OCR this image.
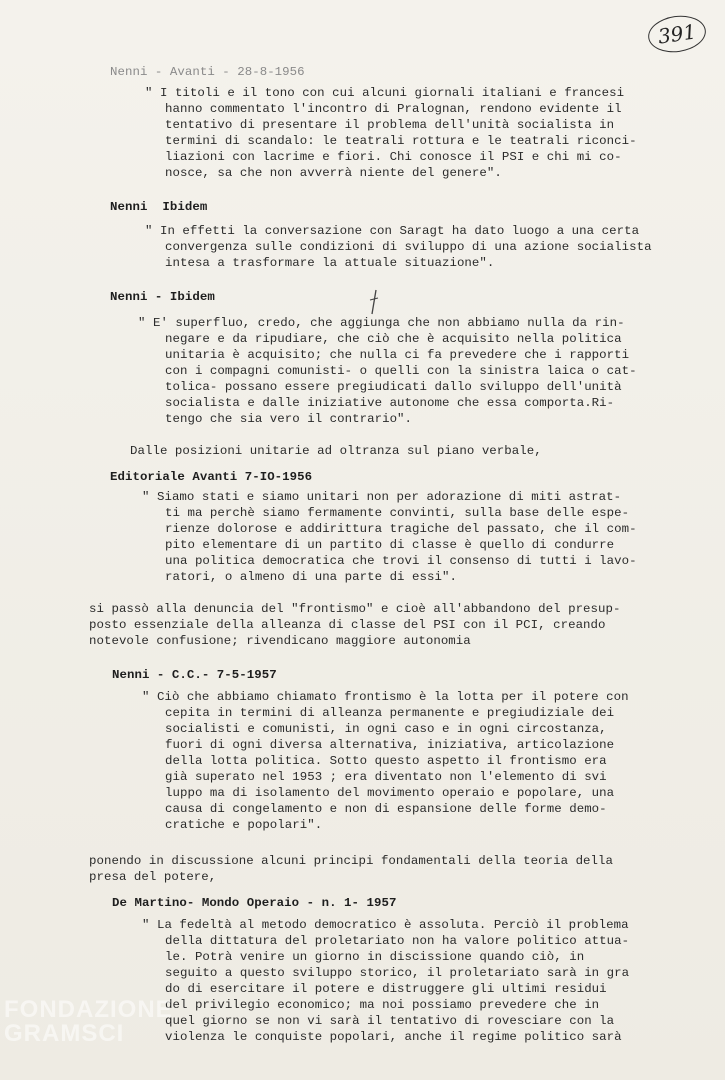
391

Nenni - Avanti - 28-8-1956

" I titoli e il tono con cui alcuni giornali italiani e francesi

hanno commentato l'incontro di Pralognan, rendono evidente il

tentativo di presentare il problema dell'unità socialista in

termini di scandalo: le teatrali rottura e le teatrali riconci-

liazioni con lacrime e fiori. Chi conosce il PSI e chi mi co-

nosce, sa che non avverrà niente del genere".

Nenni  Ibidem

" In effetti la conversazione con Saragt ha dato luogo a una certa

convergenza sulle condizioni di sviluppo di una azione socialista

intesa a trasformare la attuale situazione".

Nenni - Ibidem

" E' superfluo, credo, che aggiunga che non abbiamo nulla da rin-

negare e da ripudiare, che ciò che è acquisito nella politica

unitaria è acquisito; che nulla ci fa prevedere che i rapporti

con i compagni comunisti- o quelli con la sinistra laica o cat-

tolica- possano essere pregiudicati dallo sviluppo dell'unità

socialista e dalle iniziative autonome che essa comporta.Ri-

tengo che sia vero il contrario".

Dalle posizioni unitarie ad oltranza sul piano verbale,

Editoriale Avanti 7-IO-1956

" Siamo stati e siamo unitari non per adorazione di miti astrat-

ti ma perchè siamo fermamente convinti, sulla base delle espe-

rienze dolorose e addirittura tragiche del passato, che il com-

pito elementare di un partito di classe è quello di condurre

una politica democratica che trovi il consenso di tutti i lavo-

ratori, o almeno di una parte di essi".

si passò alla denuncia del "frontismo" e cioè all'abbandono del presup-

posto essenziale della alleanza di classe del PSI con il PCI, creando

notevole confusione; rivendicano maggiore autonomia

Nenni - C.C.- 7-5-1957

" Ciò che abbiamo chiamato frontismo è la lotta per il potere con

cepita in termini di alleanza permanente e pregiudiziale dei

socialisti e comunisti, in ogni caso e in ogni circostanza,

fuori di ogni diversa alternativa, iniziativa, articolazione

della lotta politica. Sotto questo aspetto il frontismo era

già superato nel 1953 ; era diventato non l'elemento di svi

luppo ma di isolamento del movimento operaio e popolare, una

causa di congelamento e non di espansione delle forme demo-

cratiche e popolari".

ponendo in discussione alcuni principi fondamentali della teoria della

presa del potere,

De Martino- Mondo Operaio - n. 1- 1957

" La fedeltà al metodo democratico è assoluta. Perciò il problema

della dittatura del proletariato non ha valore politico attua-

le. Potrà venire un giorno in discissione quando ciò, in

seguito a questo sviluppo storico, il proletariato sarà in gra

do di esercitare il potere e distruggere gli ultimi residui

del privilegio economico; ma noi possiamo prevedere che in

quel giorno se non vi sarà il tentativo di rovesciare con la

violenza le conquiste popolari, anche il regime politico sarà

FONDAZIONE
GRAMSCI
